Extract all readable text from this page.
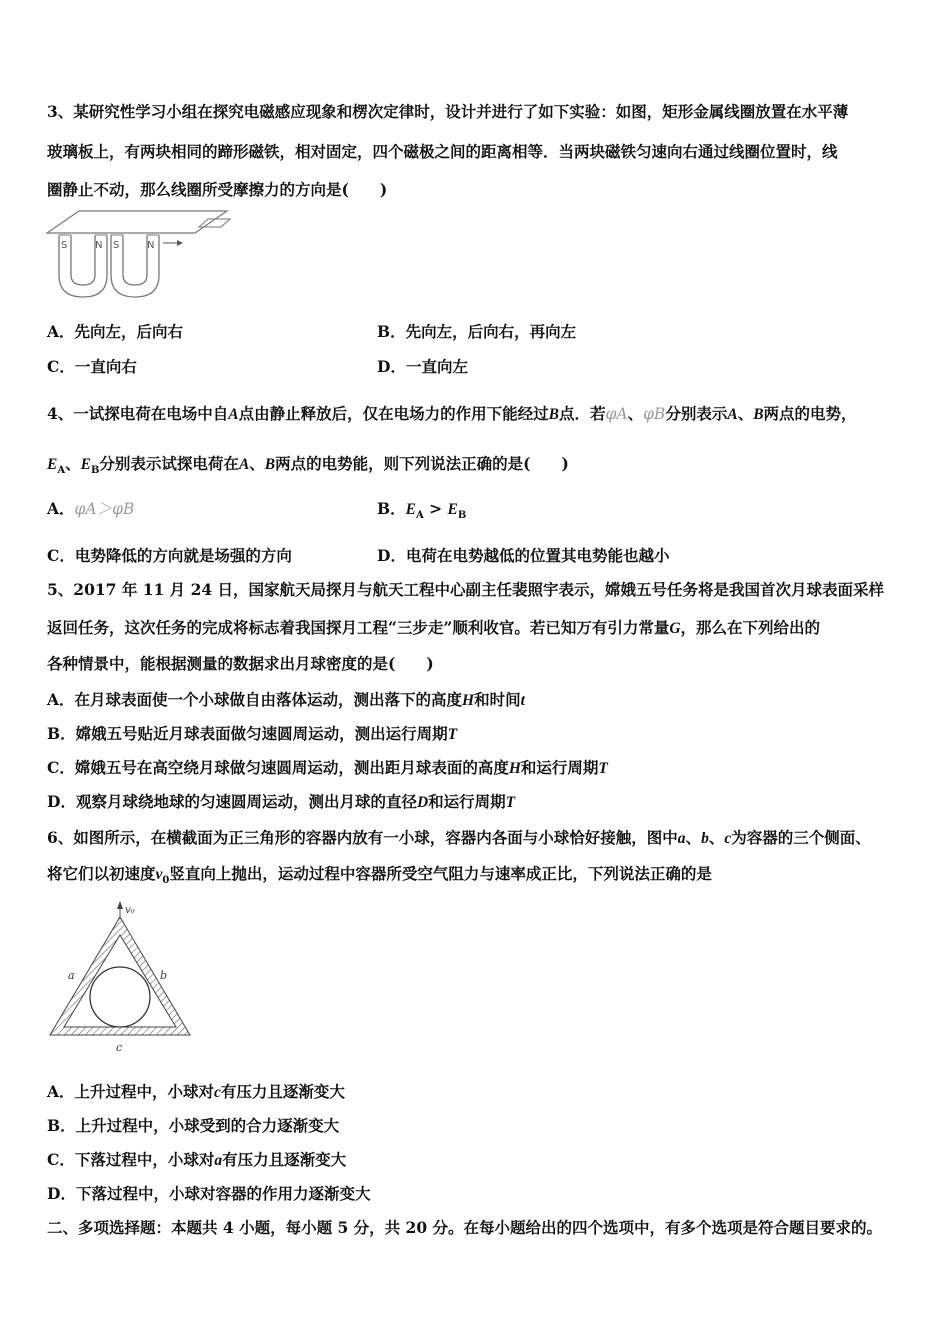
3、某研究性学习小组在探究电磁感应现象和楞次定律时，设计并进行了如下实验：如图，矩形金属线圈放置在水平薄
玻璃板上，有两块相同的蹄形磁铁，相对固定，四个磁极之间的距离相等．当两块磁铁匀速向右通过线圈位置时，线
圈静止不动，那么线圈所受摩擦力的方向是(　　)
S	N S	N
A．先向左，后向右	B．先向左，后向右，再向左
C．一直向右	D．一直向左
4、一试探电荷在电场中自A点由静止释放后，仅在电场力的作用下能经过B点．若φA、φB分别表示A、B两点的电势，
$E_A$、$E_B$分别表示试探电荷在A、B两点的电势能，则下列说法正确的是(　　)
A．φA＞φB	B．$E_A > E_B$
C．电势降低的方向就是场强的方向	D．电荷在电势越低的位置其电势能也越小
5、2017 年 11 月 24 日，国家航天局探月与航天工程中心副主任裴照宇表示，嫦娥五号任务将是我国首次月球表面采样
返回任务，这次任务的完成将标志着我国探月工程“三步走”顺利收官。若已知万有引力常量G，那么在下列给出的
各种情景中，能根据测量的数据求出月球密度的是(　　)
A．在月球表面使一个小球做自由落体运动，测出落下的高度H和时间t
B．嫦娥五号贴近月球表面做匀速圆周运动，测出运行周期T
C．嫦娥五号在高空绕月球做匀速圆周运动，测出距月球表面的高度H和运行周期T
D．观察月球绕地球的匀速圆周运动，测出月球的直径D和运行周期T
6、如图所示，在横截面为正三角形的容器内放有一小球，容器内各面与小球恰好接触，图中a、b、c为容器的三个侧面、
将它们以初速度$v_0$竖直向上抛出，运动过程中容器所受空气阻力与速率成正比，下列说法正确的是
v₀
a	b
c
A．上升过程中，小球对c有压力且逐渐变大
B．上升过程中，小球受到的合力逐渐变大
C．下落过程中，小球对a有压力且逐渐变大
D．下落过程中，小球对容器的作用力逐渐变大
二、多项选择题：本题共 4 小题，每小题 5 分，共 20 分。在每小题给出的四个选项中，有多个选项是符合题目要求的。
